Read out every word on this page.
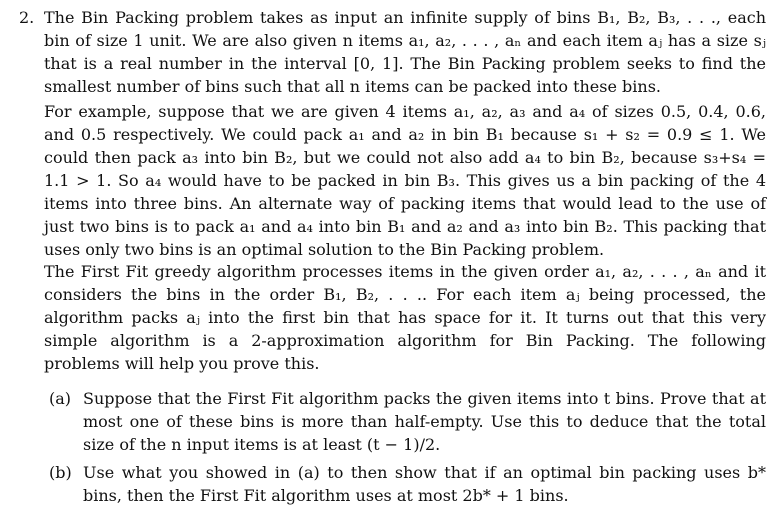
2. The Bin Packing problem takes as input an infinite supply of bins B₁, B₂, B₃, . . ., each bin of size 1 unit. We are also given n items a₁, a₂, . . . , aₙ and each item aⱼ has a size sⱼ that is a real number in the interval [0, 1]. The Bin Packing problem seeks to find the smallest number of bins such that all n items can be packed into these bins.
For example, suppose that we are given 4 items a₁, a₂, a₃ and a₄ of sizes 0.5, 0.4, 0.6, and 0.5 respectively. We could pack a₁ and a₂ in bin B₁ because s₁ + s₂ = 0.9 ≤ 1. We could then pack a₃ into bin B₂, but we could not also add a₄ to bin B₂, because s₃+s₄ = 1.1 > 1. So a₄ would have to be packed in bin B₃. This gives us a bin packing of the 4 items into three bins. An alternate way of packing items that would lead to the use of just two bins is to pack a₁ and a₄ into bin B₁ and a₂ and a₃ into bin B₂. This packing that uses only two bins is an optimal solution to the Bin Packing problem.
The First Fit greedy algorithm processes items in the given order a₁, a₂, . . . , aₙ and it considers the bins in the order B₁, B₂, . . .. For each item aⱼ being processed, the algorithm packs aⱼ into the first bin that has space for it. It turns out that this very simple algorithm is a 2-approximation algorithm for Bin Packing. The following problems will help you prove this.
(a) Suppose that the First Fit algorithm packs the given items into t bins. Prove that at most one of these bins is more than half-empty. Use this to deduce that the total size of the n input items is at least (t − 1)/2.
(b) Use what you showed in (a) to then show that if an optimal bin packing uses b* bins, then the First Fit algorithm uses at most 2b* + 1 bins.
